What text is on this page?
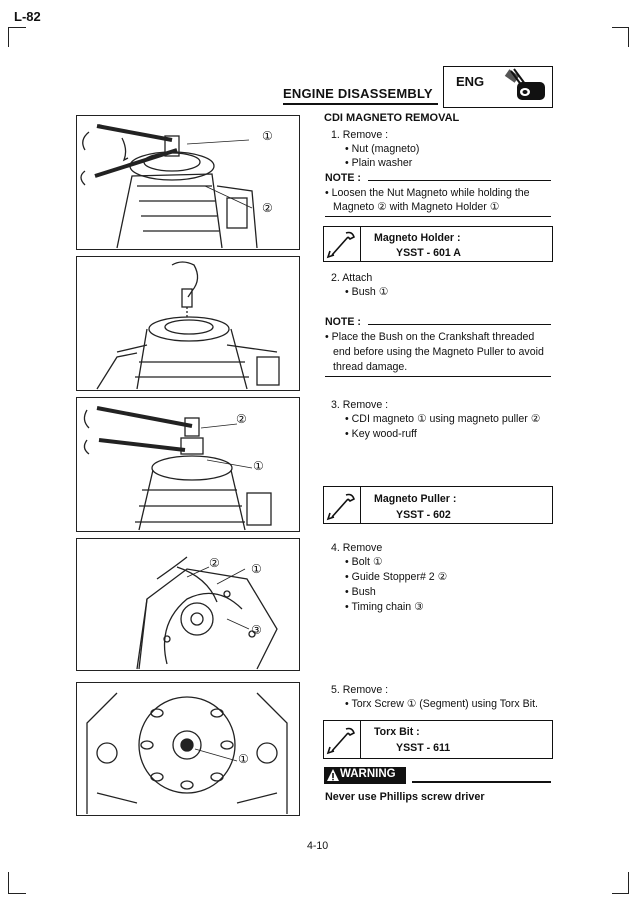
L-82
ENGINE DISASSEMBLY
ENG
①
②
②
①
②	①
③
①
CDI MAGNETO REMOVAL
1. Remove :
• Nut (magneto)
• Plain washer
NOTE :
• Loosen the Nut Magneto while holding the
Magneto ② with Magneto Holder ①
Magneto Holder :
YSST - 601 A
2. Attach
• Bush ①
NOTE :
• Place the Bush on the Crankshaft threaded
end before using the Magneto Puller to avoid
thread damage.
3. Remove :
• CDI magneto ① using magneto puller ②
• Key wood-ruff
Magneto Puller :
YSST - 602
4. Remove
• Bolt ①
• Guide Stopper# 2 ②
• Bush
• Timing chain ③
5. Remove :
• Torx Screw ① (Segment) using Torx Bit.
Torx Bit :
YSST - 611
WARNING
Never use Phillips screw driver
4-10
